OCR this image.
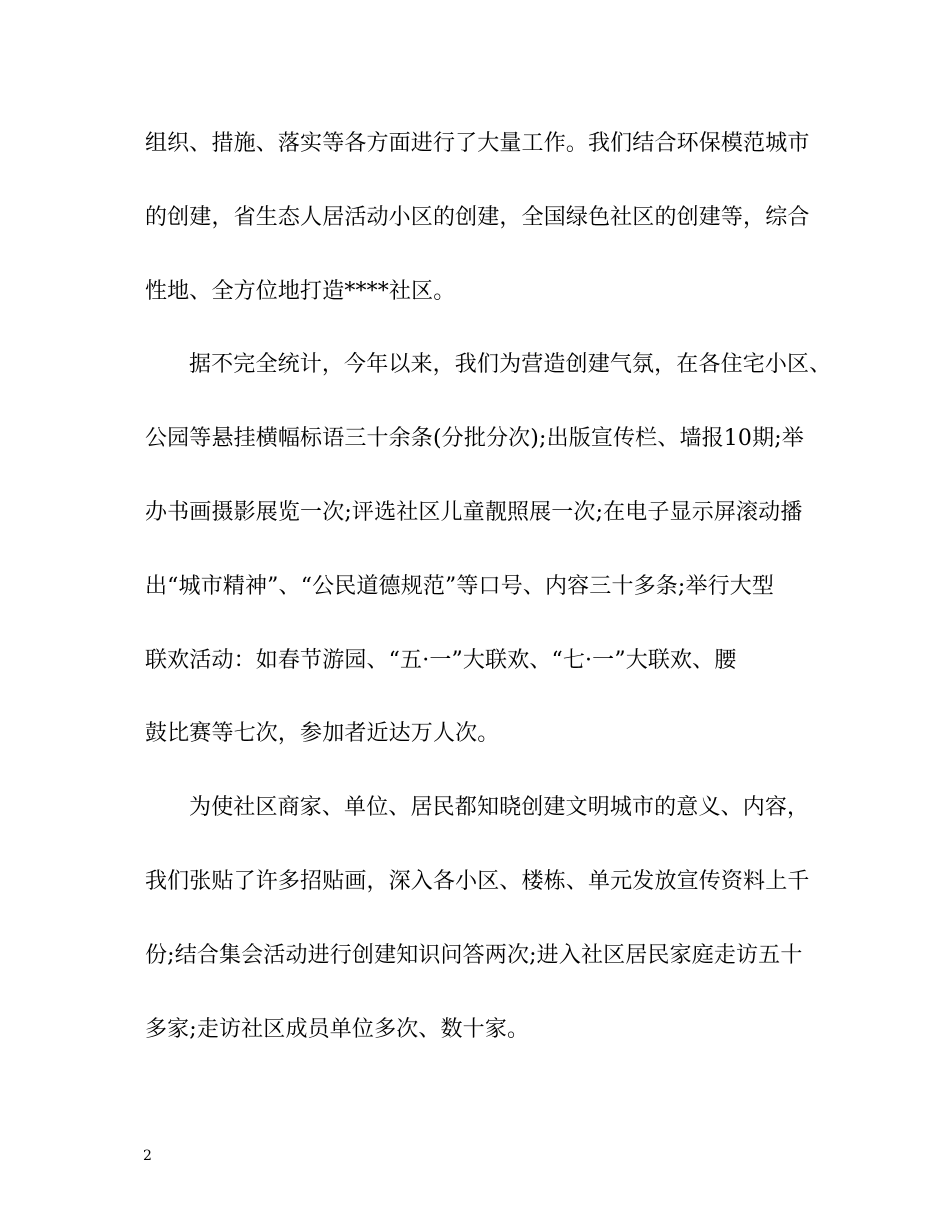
组织、措施、落实等各方面进行了大量工作。我们结合环保模范城市
的创建，省生态人居活动小区的创建，全国绿色社区的创建等，综合
性地、全方位地打造****社区。
据不完全统计，今年以来，我们为营造创建气氛，在各住宅小区、
公园等悬挂横幅标语三十余条(分批分次);出版宣传栏、墙报10期;举
办书画摄影展览一次;评选社区儿童靓照展一次;在电子显示屏滚动播
出“城市精神”、“公民道德规范”等口号、内容三十多条;举行大型
联欢活动：如春节游园、“五·一”大联欢、“七·一”大联欢、腰
鼓比赛等七次，参加者近达万人次。
为使社区商家、单位、居民都知晓创建文明城市的意义、内容，
我们张贴了许多招贴画，深入各小区、楼栋、单元发放宣传资料上千
份;结合集会活动进行创建知识问答两次;进入社区居民家庭走访五十
多家;走访社区成员单位多次、数十家。
2
